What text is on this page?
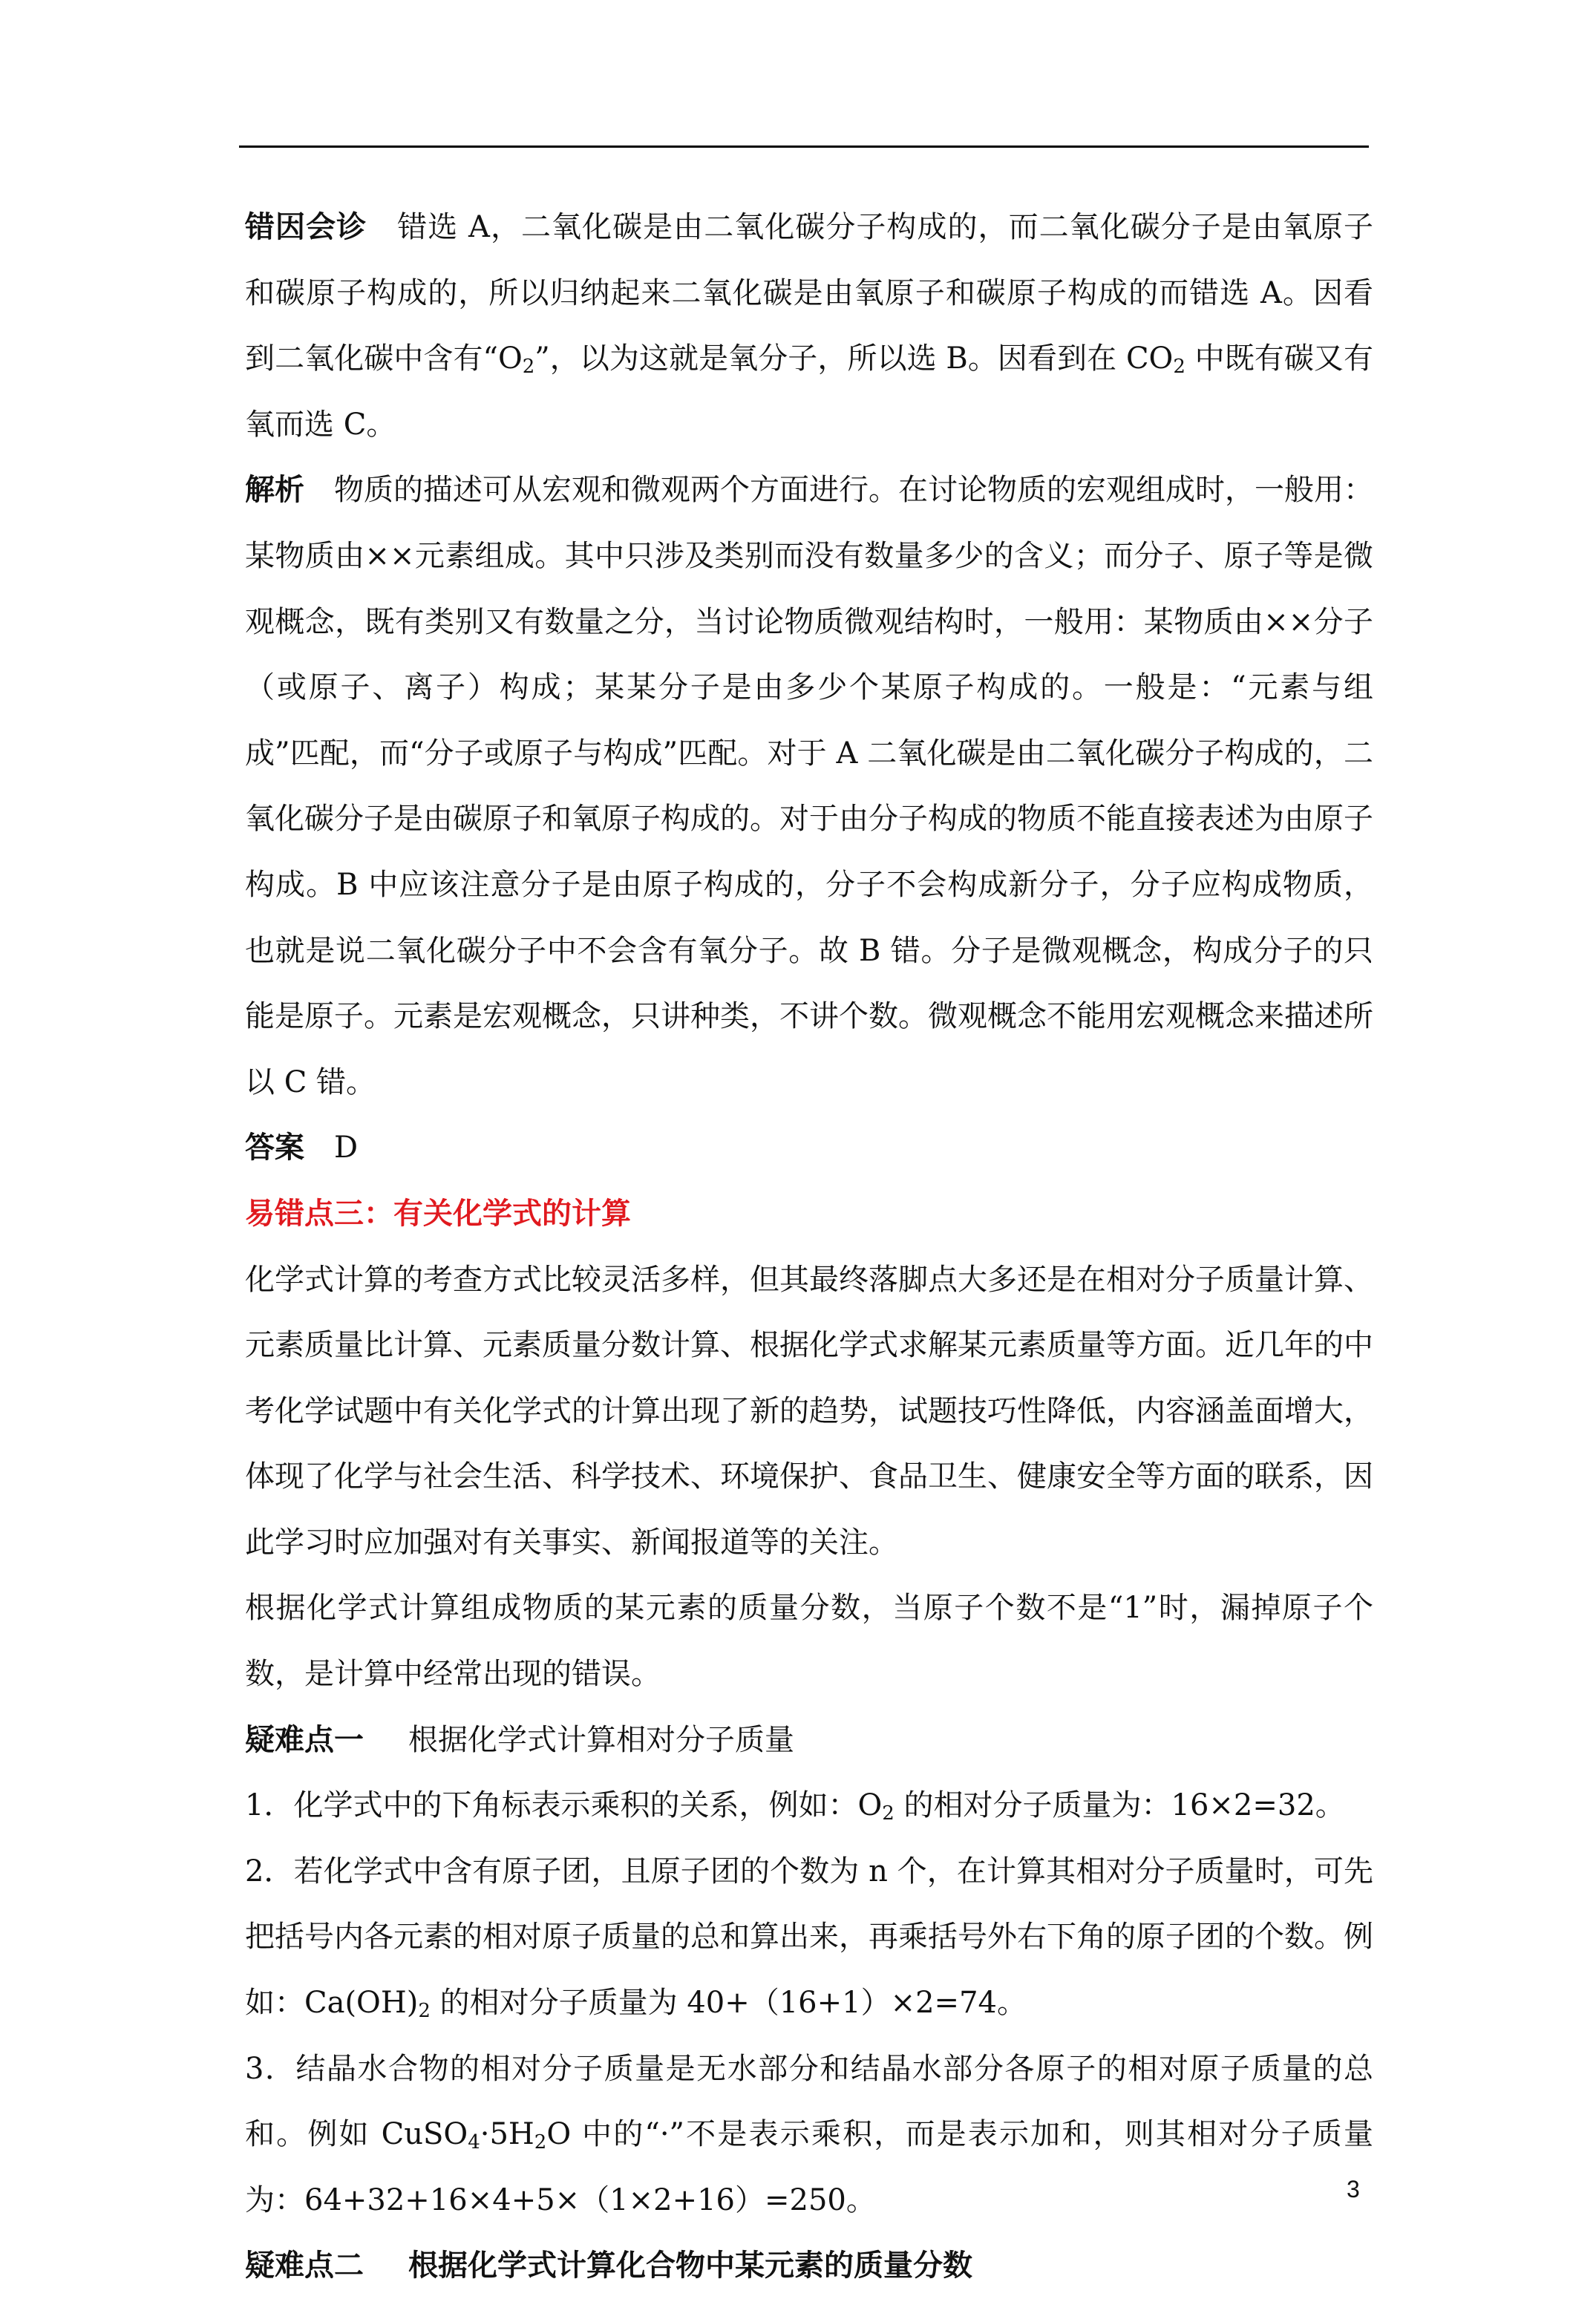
错因会诊 错选 A，二氧化碳是由二氧化碳分子构成的，而二氧化碳分子是由氧原子和碳原子构成的，所以归纳起来二氧化碳是由氧原子和碳原子构成的而错选 A。因看到二氧化碳中含有“$O_2$”，以为这就是氧分子，所以选 B。因看到在 $CO_2$ 中既有碳又有氧而选 C。

解析 物质的描述可从宏观和微观两个方面进行。在讨论物质的宏观组成时，一般用：某物质由××元素组成。其中只涉及类别而没有数量多少的含义；而分子、原子等是微观概念，既有类别又有数量之分，当讨论物质微观结构时，一般用：某物质由××分子（或原子、离子）构成；某某分子是由多少个某原子构成的。一般是：“元素与组成”匹配，而“分子或原子与构成”匹配。对于 A 二氧化碳是由二氧化碳分子构成的，二氧化碳分子是由碳原子和氧原子构成的。对于由分子构成的物质不能直接表述为由原子构成。B 中应该注意分子是由原子构成的，分子不会构成新分子，分子应构成物质，也就是说二氧化碳分子中不会含有氧分子。故 B 错。分子是微观概念，构成分子的只能是原子。元素是宏观概念，只讲种类，不讲个数。微观概念不能用宏观概念来描述所以 C 错。

答案 D

易错点三：有关化学式的计算

化学式计算的考查方式比较灵活多样，但其最终落脚点大多还是在相对分子质量计算、元素质量比计算、元素质量分数计算、根据化学式求解某元素质量等方面。近几年的中考化学试题中有关化学式的计算出现了新的趋势，试题技巧性降低，内容涵盖面增大，体现了化学与社会生活、科学技术、环境保护、食品卫生、健康安全等方面的联系，因此学习时应加强对有关事实、新闻报道等的关注。

根据化学式计算组成物质的某元素的质量分数，当原子个数不是“1”时，漏掉原子个数，是计算中经常出现的错误。

疑难点一 根据化学式计算相对分子质量

1．化学式中的下角标表示乘积的关系，例如：$O_2$ 的相对分子质量为：16×2=32。

2．若化学式中含有原子团，且原子团的个数为 n 个，在计算其相对分子质量时，可先把括号内各元素的相对原子质量的总和算出来，再乘括号外右下角的原子团的个数。例如：$Ca(OH)_2$ 的相对分子质量为 40+（16+1）×2=74。

3．结晶水合物的相对分子质量是无水部分和结晶水部分各原子的相对原子质量的总和。例如 $CuSO_4\cdot 5H_2O$ 中的“·”不是表示乘积，而是表示加和，则其相对分子质量为：64+32+16×4+5×（1×2+16）=250。

疑难点二 根据化学式计算化合物中某元素的质量分数

3
